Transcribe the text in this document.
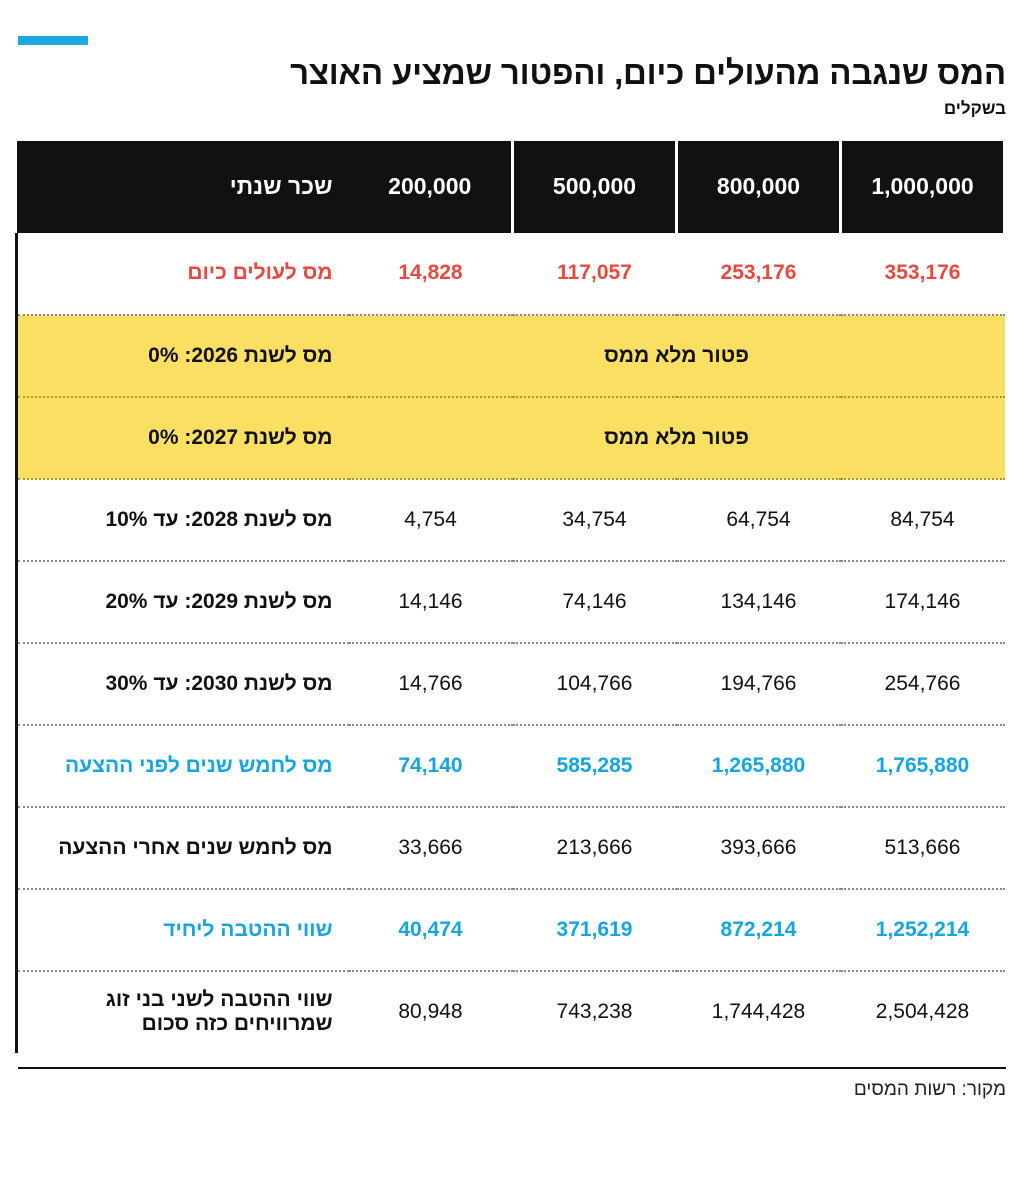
המס שנגבה מהעולים כיום, והפטור שמציע האוצר

בשקלים

1,000,000	800,000	500,000	200,000	שכר שנתי
353,176	253,176	117,057	14,828	מס לעולים כיום
פטור מלא ממס				מס לשנת 2026: 0%
פטור מלא ממס				מס לשנת 2027: 0%
84,754	64,754	34,754	4,754	מס לשנת 2028: עד 10%
174,146	134,146	74,146	14,146	מס לשנת 2029: עד 20%
254,766	194,766	104,766	14,766	מס לשנת 2030: עד 30%
1,765,880	1,265,880	585,285	74,140	מס לחמש שנים לפני ההצעה
513,666	393,666	213,666	33,666	מס לחמש שנים אחרי ההצעה
1,252,214	872,214	371,619	40,474	שווי ההטבה ליחיד
2,504,428	1,744,428	743,238	80,948	שווי ההטבה לשני בני זוג שמרוויחים כזה סכום
מקור: רשות המסים
